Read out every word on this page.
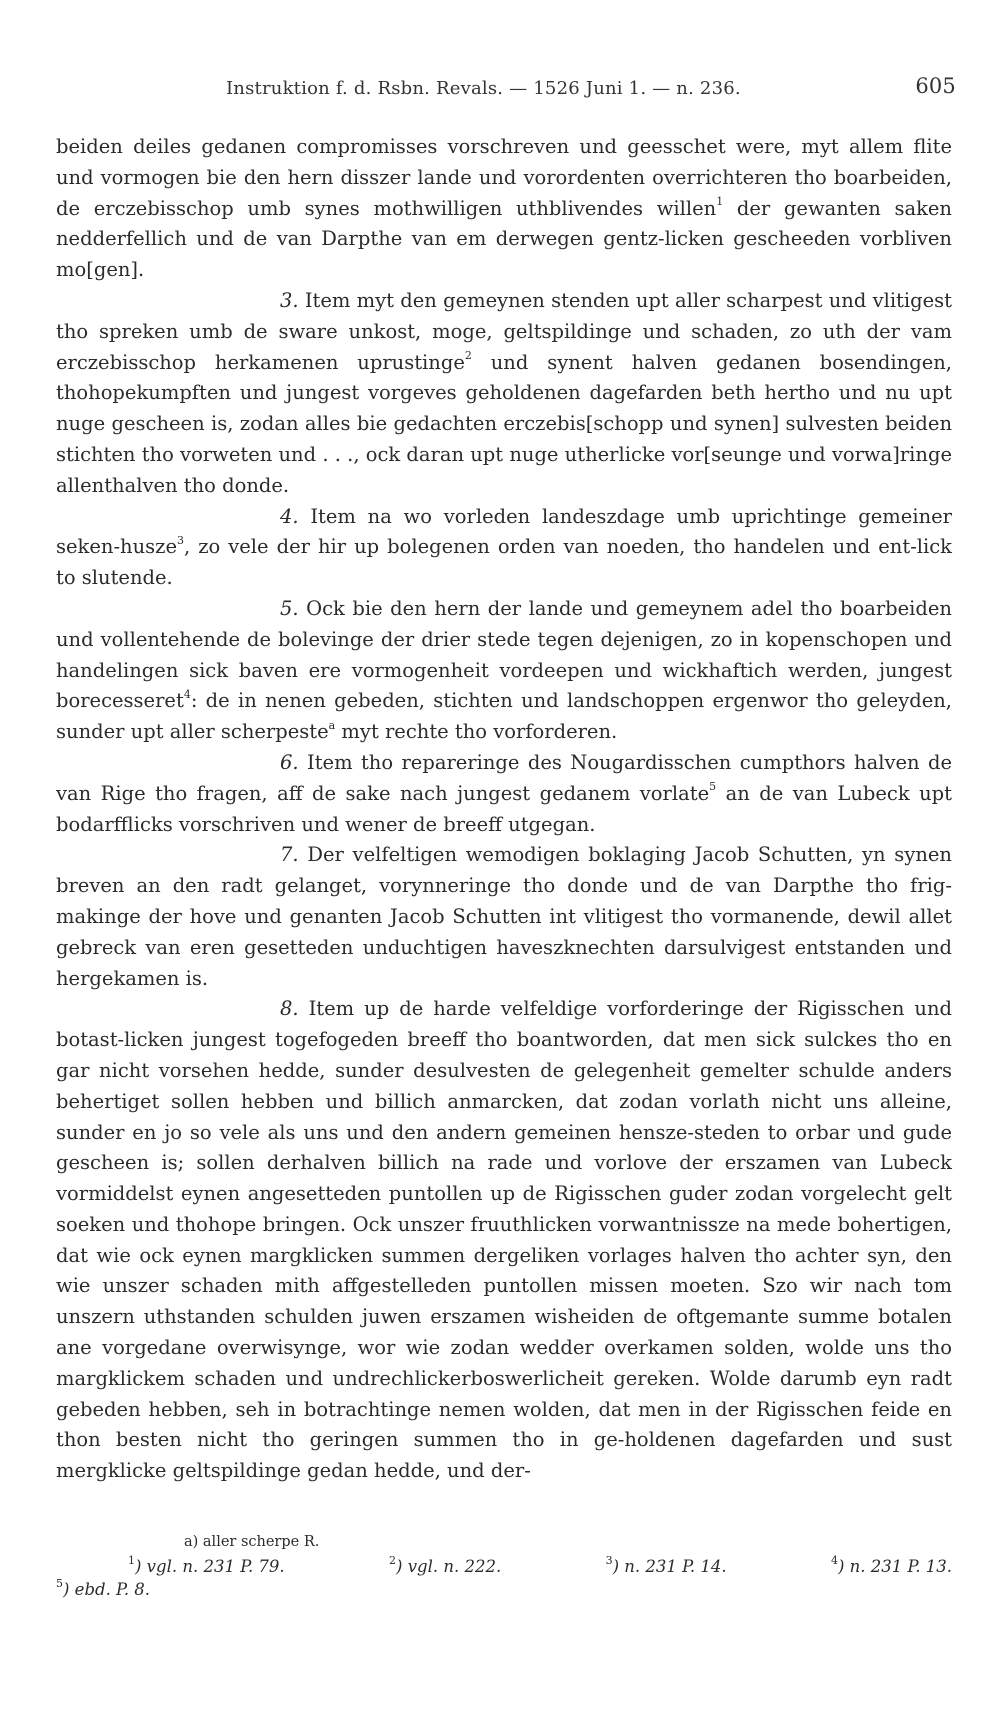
Instruktion f. d. Rsbn. Revals. — 1526 Juni 1. — n. 236.	605

beiden deiles gedanen compromisses vorschreven und geesschet were, myt allem flite und vormogen bie den hern disszer lande und vorordenten overrichteren tho boarbeiden, de erczebisschop umb synes mothwilligen uthblivendes willen$^1$ der gewanten saken nedderfellich und de van Darpthe van em derwegen gentz-licken gescheeden vorbliven mo[gen].

3. Item myt den gemeynen stenden upt aller scharpest und vlitigest tho spreken umb de sware unkost, moge, geltspildinge und schaden, zo uth der vam erczebisschop herkamenen uprustinge$^2$ und synent halven gedanen bosendingen, thohopekumpften und jungest vorgeves geholdenen dagefarden beth hertho und nu upt nuge gescheen is, zodan alles bie gedachten erczebis[schopp und synen] sulvesten beiden stichten tho vorweten und . . ., ock daran upt nuge utherlicke vor[seunge und vorwa]ringe allenthalven tho donde.

4. Item na wo vorleden landeszdage umb uprichtinge gemeiner seken-husze$^3$, zo vele der hir up bolegenen orden van noeden, tho handelen und ent-lick to slutende.

5. Ock bie den hern der lande und gemeynem adel tho boarbeiden und vollentehende de bolevinge der drier stede tegen dejenigen, zo in kopenschopen und handelingen sick baven ere vormogenheit vordeepen und wickhaftich werden, jungest borecesseret$^4$: de in nenen gebeden, stichten und landschoppen ergenwor tho geleyden, sunder upt aller scherpeste$^a$ myt rechte tho vorforderen.

6. Item tho repareringe des Nougardisschen cumpthors halven de van Rige tho fragen, aff de sake nach jungest gedanem vorlate$^5$ an de van Lubeck upt bodarfflicks vorschriven und wener de breeff utgegan.

7. Der velfeltigen wemodigen boklaging Jacob Schutten, yn synen breven an den radt gelanget, vorynneringe tho donde und de van Darpthe tho frig-makinge der hove und genanten Jacob Schutten int vlitigest tho vormanende, dewil allet gebreck van eren gesetteden unduchtigen haveszknechten darsulvigest entstanden und hergekamen is.

8. Item up de harde velfeldige vorforderinge der Rigisschen und botast-licken jungest togefogeden breeff tho boantworden, dat men sick sulckes tho en gar nicht vorsehen hedde, sunder desulvesten de gelegenheit gemelter schulde anders behertiget sollen hebben und billich anmarcken, dat zodan vorlath nicht uns alleine, sunder en jo so vele als uns und den andern gemeinen hensze-steden to orbar und gude gescheen is; sollen derhalven billich na rade und vorlove der erszamen van Lubeck vormiddelst eynen angesetteden puntollen up de Rigisschen guder zodan vorgelecht gelt soeken und thohope bringen. Ock unszer fruuthlicken vorwantnissze na mede bohertigen, dat wie ock eynen margklicken summen dergeliken vorlages halven tho achter syn, den wie unszer schaden mith affgestelleden puntollen missen moeten. Szo wir nach tom unszern uthstanden schulden juwen erszamen wisheiden de oftgemante summe botalen ane vorgedane overwisynge, wor wie zodan wedder overkamen solden, wolde uns tho margklickem schaden und undrechlickerboswerlicheit gereken. Wolde darumb eyn radt gebeden hebben, seh in botrachtinge nemen wolden, dat men in der Rigisschen feide en thon besten nicht tho geringen summen tho in ge-holdenen dagefarden und sust mergklicke geltspildinge gedan hedde, und der-

a) aller scherpe R.
$^1$) vgl. n. 231 P. 79.	$^2$) vgl. n. 222.	$^3$) n. 231 P. 14.	$^4$) n. 231 P. 13.
$^5$) ebd. P. 8.
